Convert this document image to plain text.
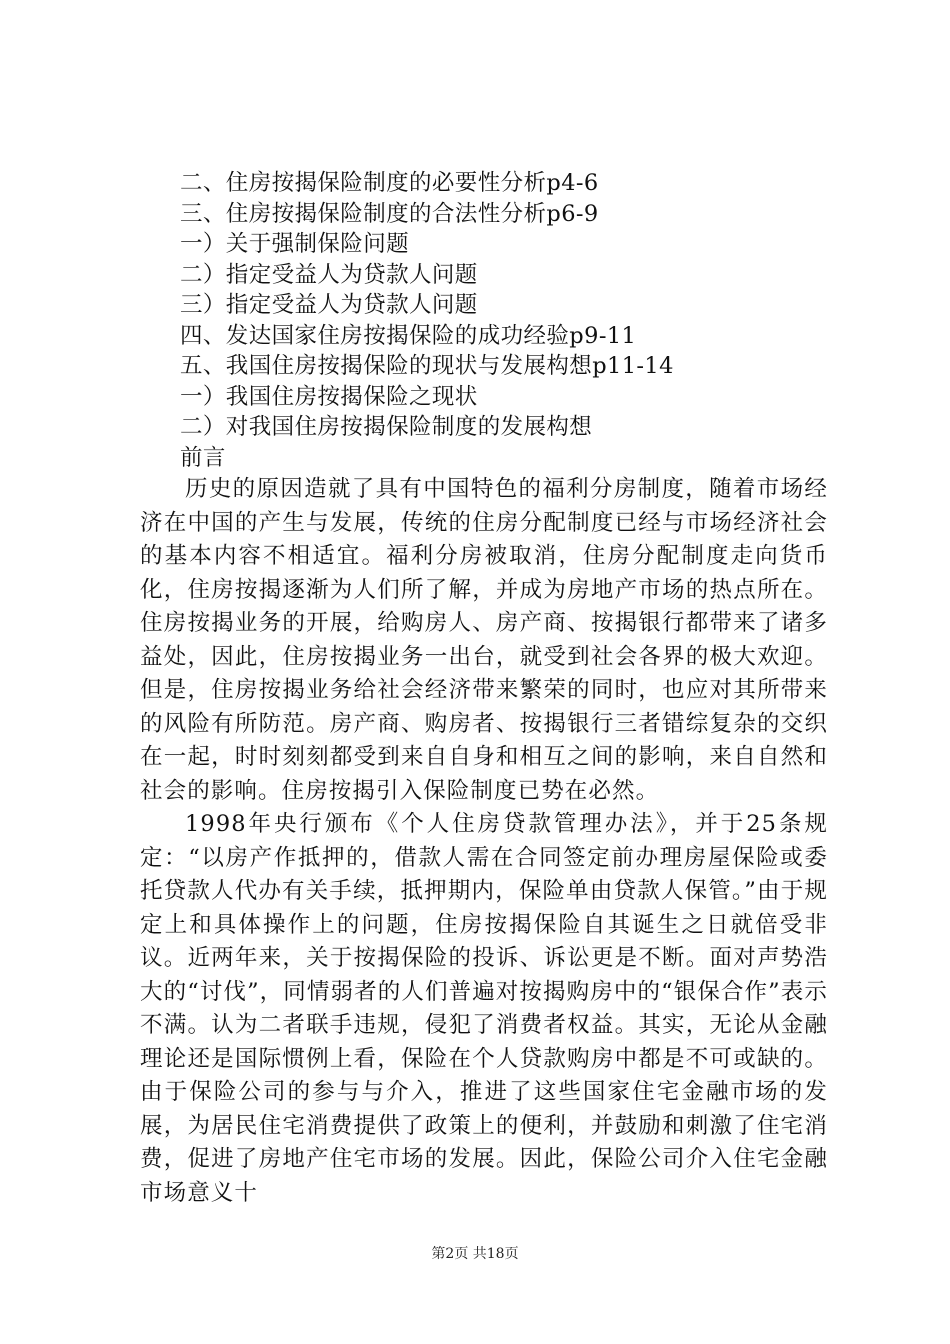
二、住房按揭保险制度的必要性分析p4-6
三、住房按揭保险制度的合法性分析p6-9
一）关于强制保险问题
二）指定受益人为贷款人问题
三）指定受益人为贷款人问题
四、发达国家住房按揭保险的成功经验p9-11
五、我国住房按揭保险的现状与发展构想p11-14
一）我国住房按揭保险之现状
二）对我国住房按揭保险制度的发展构想
前言

历史的原因造就了具有中国特色的福利分房制度，随着市场经济在中国的产生与发展，传统的住房分配制度已经与市场经济社会的基本内容不相适宜。福利分房被取消，住房分配制度走向货币化，住房按揭逐渐为人们所了解，并成为房地产市场的热点所在。住房按揭业务的开展，给购房人、房产商、按揭银行都带来了诸多益处，因此，住房按揭业务一出台，就受到社会各界的极大欢迎。但是，住房按揭业务给社会经济带来繁荣的同时，也应对其所带来的风险有所防范。房产商、购房者、按揭银行三者错综复杂的交织在一起，时时刻刻都受到来自自身和相互之间的影响，来自自然和社会的影响。住房按揭引入保险制度已势在必然。

1998年央行颁布《个人住房贷款管理办法》，并于25条规定：“以房产作抵押的，借款人需在合同签定前办理房屋保险或委托贷款人代办有关手续，抵押期内，保险单由贷款人保管。”由于规定上和具体操作上的问题，住房按揭保险自其诞生之日就倍受非议。近两年来，关于按揭保险的投诉、诉讼更是不断。面对声势浩大的“讨伐”，同情弱者的人们普遍对按揭购房中的“银保合作”表示不满。认为二者联手违规，侵犯了消费者权益。其实，无论从金融理论还是国际惯例上看，保险在个人贷款购房中都是不可或缺的。由于保险公司的参与与介入，推进了这些国家住宅金融市场的发展，为居民住宅消费提供了政策上的便利，并鼓励和刺激了住宅消费，促进了房地产住宅市场的发展。因此，保险公司介入住宅金融市场意义十

第2页 共18页
